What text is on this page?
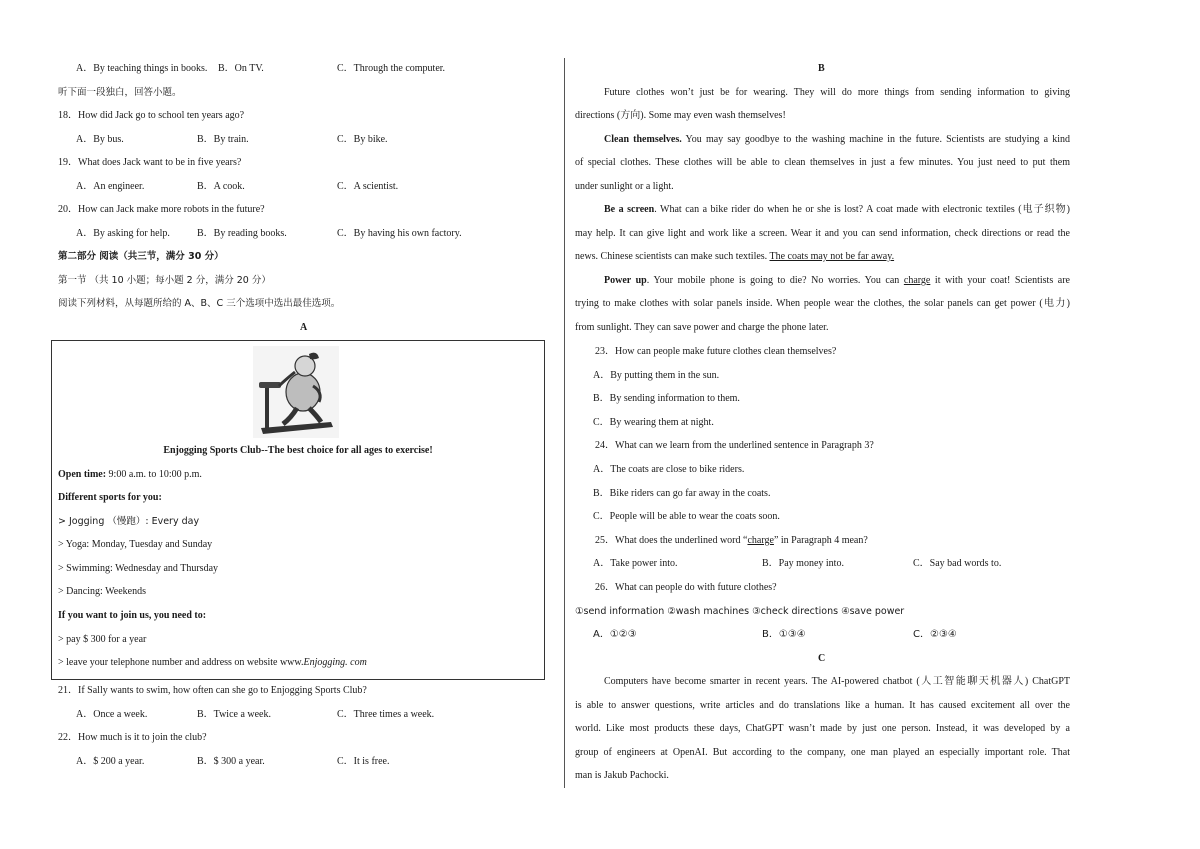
A．By teaching things in books. B．On TV.	C．Through the computer.
听下面一段独白，回答小题。
18．How did Jack go to school ten years ago?
A．By bus.	B．By train.	C．By bike.
19．What does Jack want to be in five years?
A．An engineer.	B．A cook.	C．A scientist.
20．How can Jack make more robots in the future?
A．By asking for help.	B．By reading books.	C．By having his own factory.
第二部分 阅读（共三节，满分 30 分）
第一节 （共 10 小题；每小题 2 分，满分 20 分）
阅读下列材料，从每题所给的 A、B、C 三个选项中选出最佳选项。
A
Enjogging Sports Club--The best choice for all ages to exercise!
Open time: 9:00 a.m. to 10:00 p.m.
Different sports for you:
> Jogging （慢跑）: Every day
> Yoga: Monday, Tuesday and Sunday
> Swimming: Wednesday and Thursday
> Dancing: Weekends
If you want to join us, you need to:
> pay $ 300 for a year
> leave your telephone number and address on website www.Enjogging. com
21．If Sally wants to swim, how often can she go to Enjogging Sports Club?
A．Once a week.	B．Twice a week.	C．Three times a week.
22．How much is it to join the club?
A．$ 200 a year.	B．$ 300 a year.	C．It is free.
B
Future clothes won’t just be for wearing. They will do more things from sending information to giving
directions (方向). Some may even wash themselves!
Clean themselves. You may say goodbye to the washing machine in the future. Scientists are studying a kind
of special clothes. These clothes will be able to clean themselves in just a few minutes. You just need to put them
under sunlight or a light.
Be a screen. What can a bike rider do when he or she is lost? A coat made with electronic textiles (电子织物)
may help. It can give light and work like a screen. Wear it and you can send information, check directions or read the
news. Chinese scientists can make such textiles. The coats may not be far away.
Power up. Your mobile phone is going to die? No worries. You can charge it with your coat! Scientists are
trying to make clothes with solar panels inside. When people wear the clothes, the solar panels can get power (电力)
from sunlight. They can save power and charge the phone later.
23．How can people make future clothes clean themselves?
A．By putting them in the sun.
B．By sending information to them.
C．By wearing them at night.
24．What can we learn from the underlined sentence in Paragraph 3?
A．The coats are close to bike riders.
B．Bike riders can go far away in the coats.
C．People will be able to wear the coats soon.
25．What does the underlined word “charge” in Paragraph 4 mean?
A．Take power into.	B．Pay money into.	C．Say bad words to.
26．What can people do with future clothes?
①send information ②wash machines ③check directions ④save power
A．①②③	B．①③④	C．②③④
C
Computers have become smarter in recent years. The AI-powered chatbot (人工智能聊天机器人) ChatGPT
is able to answer questions, write articles and do translations like a human. It has caused excitement all over the
world. Like most products these days, ChatGPT wasn’t made by just one person. Instead, it was developed by a
group of engineers at OpenAI. But according to the company, one man played an especially important role. That
man is Jakub Pachocki.
